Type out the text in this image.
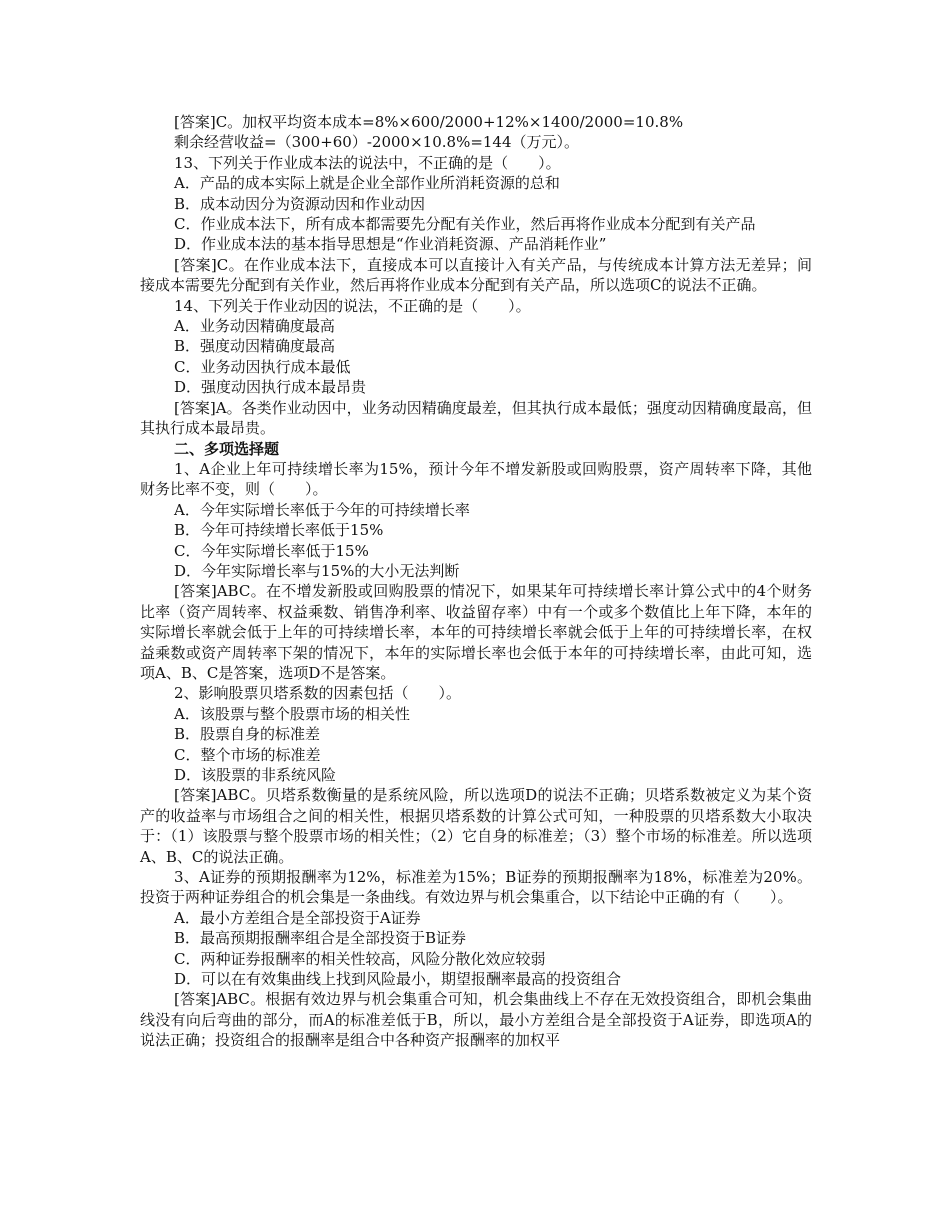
[答案]C。加权平均资本成本=8%×600/2000+12%×1400/2000=10.8%

剩余经营收益=（300+60）-2000×10.8%=144（万元）。

13、下列关于作业成本法的说法中，不正确的是（　　）。

A．产品的成本实际上就是企业全部作业所消耗资源的总和

B．成本动因分为资源动因和作业动因

C．作业成本法下，所有成本都需要先分配有关作业，然后再将作业成本分配到有关产品

D．作业成本法的基本指导思想是“作业消耗资源、产品消耗作业”

[答案]C。在作业成本法下，直接成本可以直接计入有关产品，与传统成本计算方法无差异；间接成本需要先分配到有关作业，然后再将作业成本分配到有关产品，所以选项C的说法不正确。

14、下列关于作业动因的说法，不正确的是（　　）。

A．业务动因精确度最高

B．强度动因精确度最高

C．业务动因执行成本最低

D．强度动因执行成本最昂贵

[答案]A。各类作业动因中，业务动因精确度最差，但其执行成本最低；强度动因精确度最高，但其执行成本最昂贵。

二、多项选择题

1、A企业上年可持续增长率为15%，预计今年不增发新股或回购股票，资产周转率下降，其他财务比率不变，则（　　）。

A．今年实际增长率低于今年的可持续增长率

B．今年可持续增长率低于15%

C．今年实际增长率低于15%

D．今年实际增长率与15%的大小无法判断

[答案]ABC。在不增发新股或回购股票的情况下，如果某年可持续增长率计算公式中的4个财务比率（资产周转率、权益乘数、销售净利率、收益留存率）中有一个或多个数值比上年下降，本年的实际增长率就会低于上年的可持续增长率，本年的可持续增长率就会低于上年的可持续增长率，在权益乘数或资产周转率下架的情况下，本年的实际增长率也会低于本年的可持续增长率，由此可知，选项A、B、C是答案，选项D不是答案。

2、影响股票贝塔系数的因素包括（　　）。

A．该股票与整个股票市场的相关性

B．股票自身的标准差

C．整个市场的标准差

D．该股票的非系统风险

[答案]ABC。贝塔系数衡量的是系统风险，所以选项D的说法不正确；贝塔系数被定义为某个资产的收益率与市场组合之间的相关性，根据贝塔系数的计算公式可知，一种股票的贝塔系数大小取决于：（1）该股票与整个股票市场的相关性；（2）它自身的标准差；（3）整个市场的标准差。所以选项A、B、C的说法正确。

3、A证券的预期报酬率为12%，标准差为15%；B证券的预期报酬率为18%，标准差为20%。投资于两种证券组合的机会集是一条曲线。有效边界与机会集重合，以下结论中正确的有（　　）。

A．最小方差组合是全部投资于A证券

B．最高预期报酬率组合是全部投资于B证券

C．两种证券报酬率的相关性较高，风险分散化效应较弱

D．可以在有效集曲线上找到风险最小，期望报酬率最高的投资组合

[答案]ABC。根据有效边界与机会集重合可知，机会集曲线上不存在无效投资组合，即机会集曲线没有向后弯曲的部分，而A的标准差低于B，所以，最小方差组合是全部投资于A证券，即选项A的说法正确；投资组合的报酬率是组合中各种资产报酬率的加权平
